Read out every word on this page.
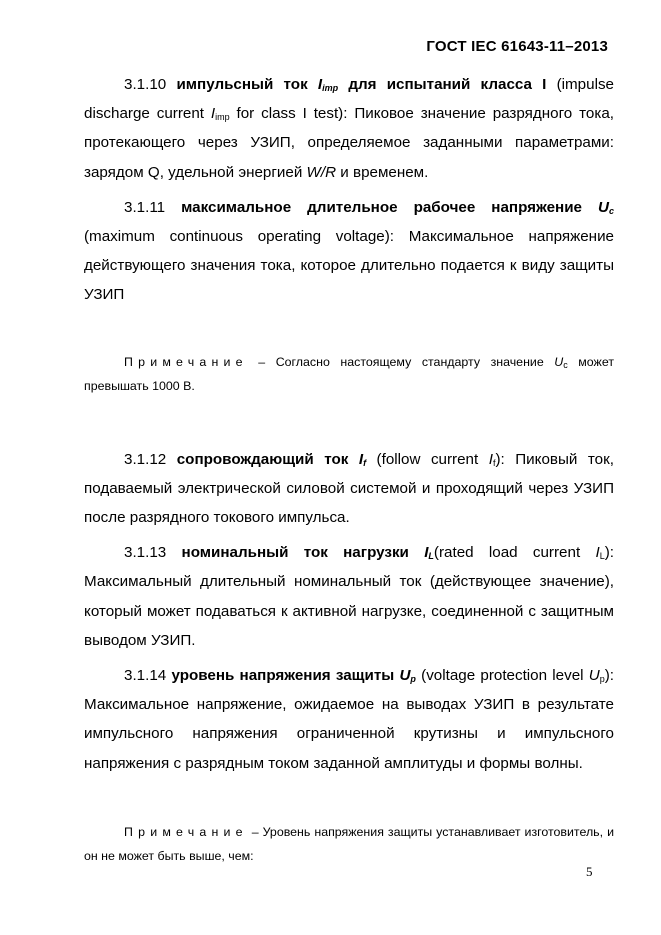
ГОСТ IEC 61643-11–2013

3.1.10 импульсный ток $I_{imp}$ для испытаний класса I (impulse discharge current $I_{imp}$ for class I test): Пиковое значение разрядного тока, протекающего через УЗИП, определяемое заданными параметрами: зарядом Q, удельной энергией W/R и временем.

3.1.11 максимальное длительное рабочее напряжение $U_c$ (maximum continuous operating voltage): Максимальное напряжение действующего значения тока, которое длительно подается к виду защиты УЗИП

Примечание – Согласно настоящему стандарту значение $U_c$ может превышать 1000 В.

3.1.12 сопровождающий ток $I_f$ (follow current $I_f$): Пиковый ток, подаваемый электрической силовой системой и проходящий через УЗИП после разрядного токового импульса.

3.1.13 номинальный ток нагрузки $I_L(rated$ load current $I_L$): Максимальный длительный номинальный ток (действующее значение), который может подаваться к активной нагрузке, соединенной с защитным выводом УЗИП.

3.1.14 уровень напряжения защиты $U_p$ (voltage protection level $U_p$): Максимальное напряжение, ожидаемое на выводах УЗИП в результате импульсного напряжения ограниченной крутизны и импульсного напряжения с разрядным током заданной амплитуды и формы волны.

Примечание – Уровень напряжения защиты устанавливает изготовитель, и он не может быть выше, чем:

5
